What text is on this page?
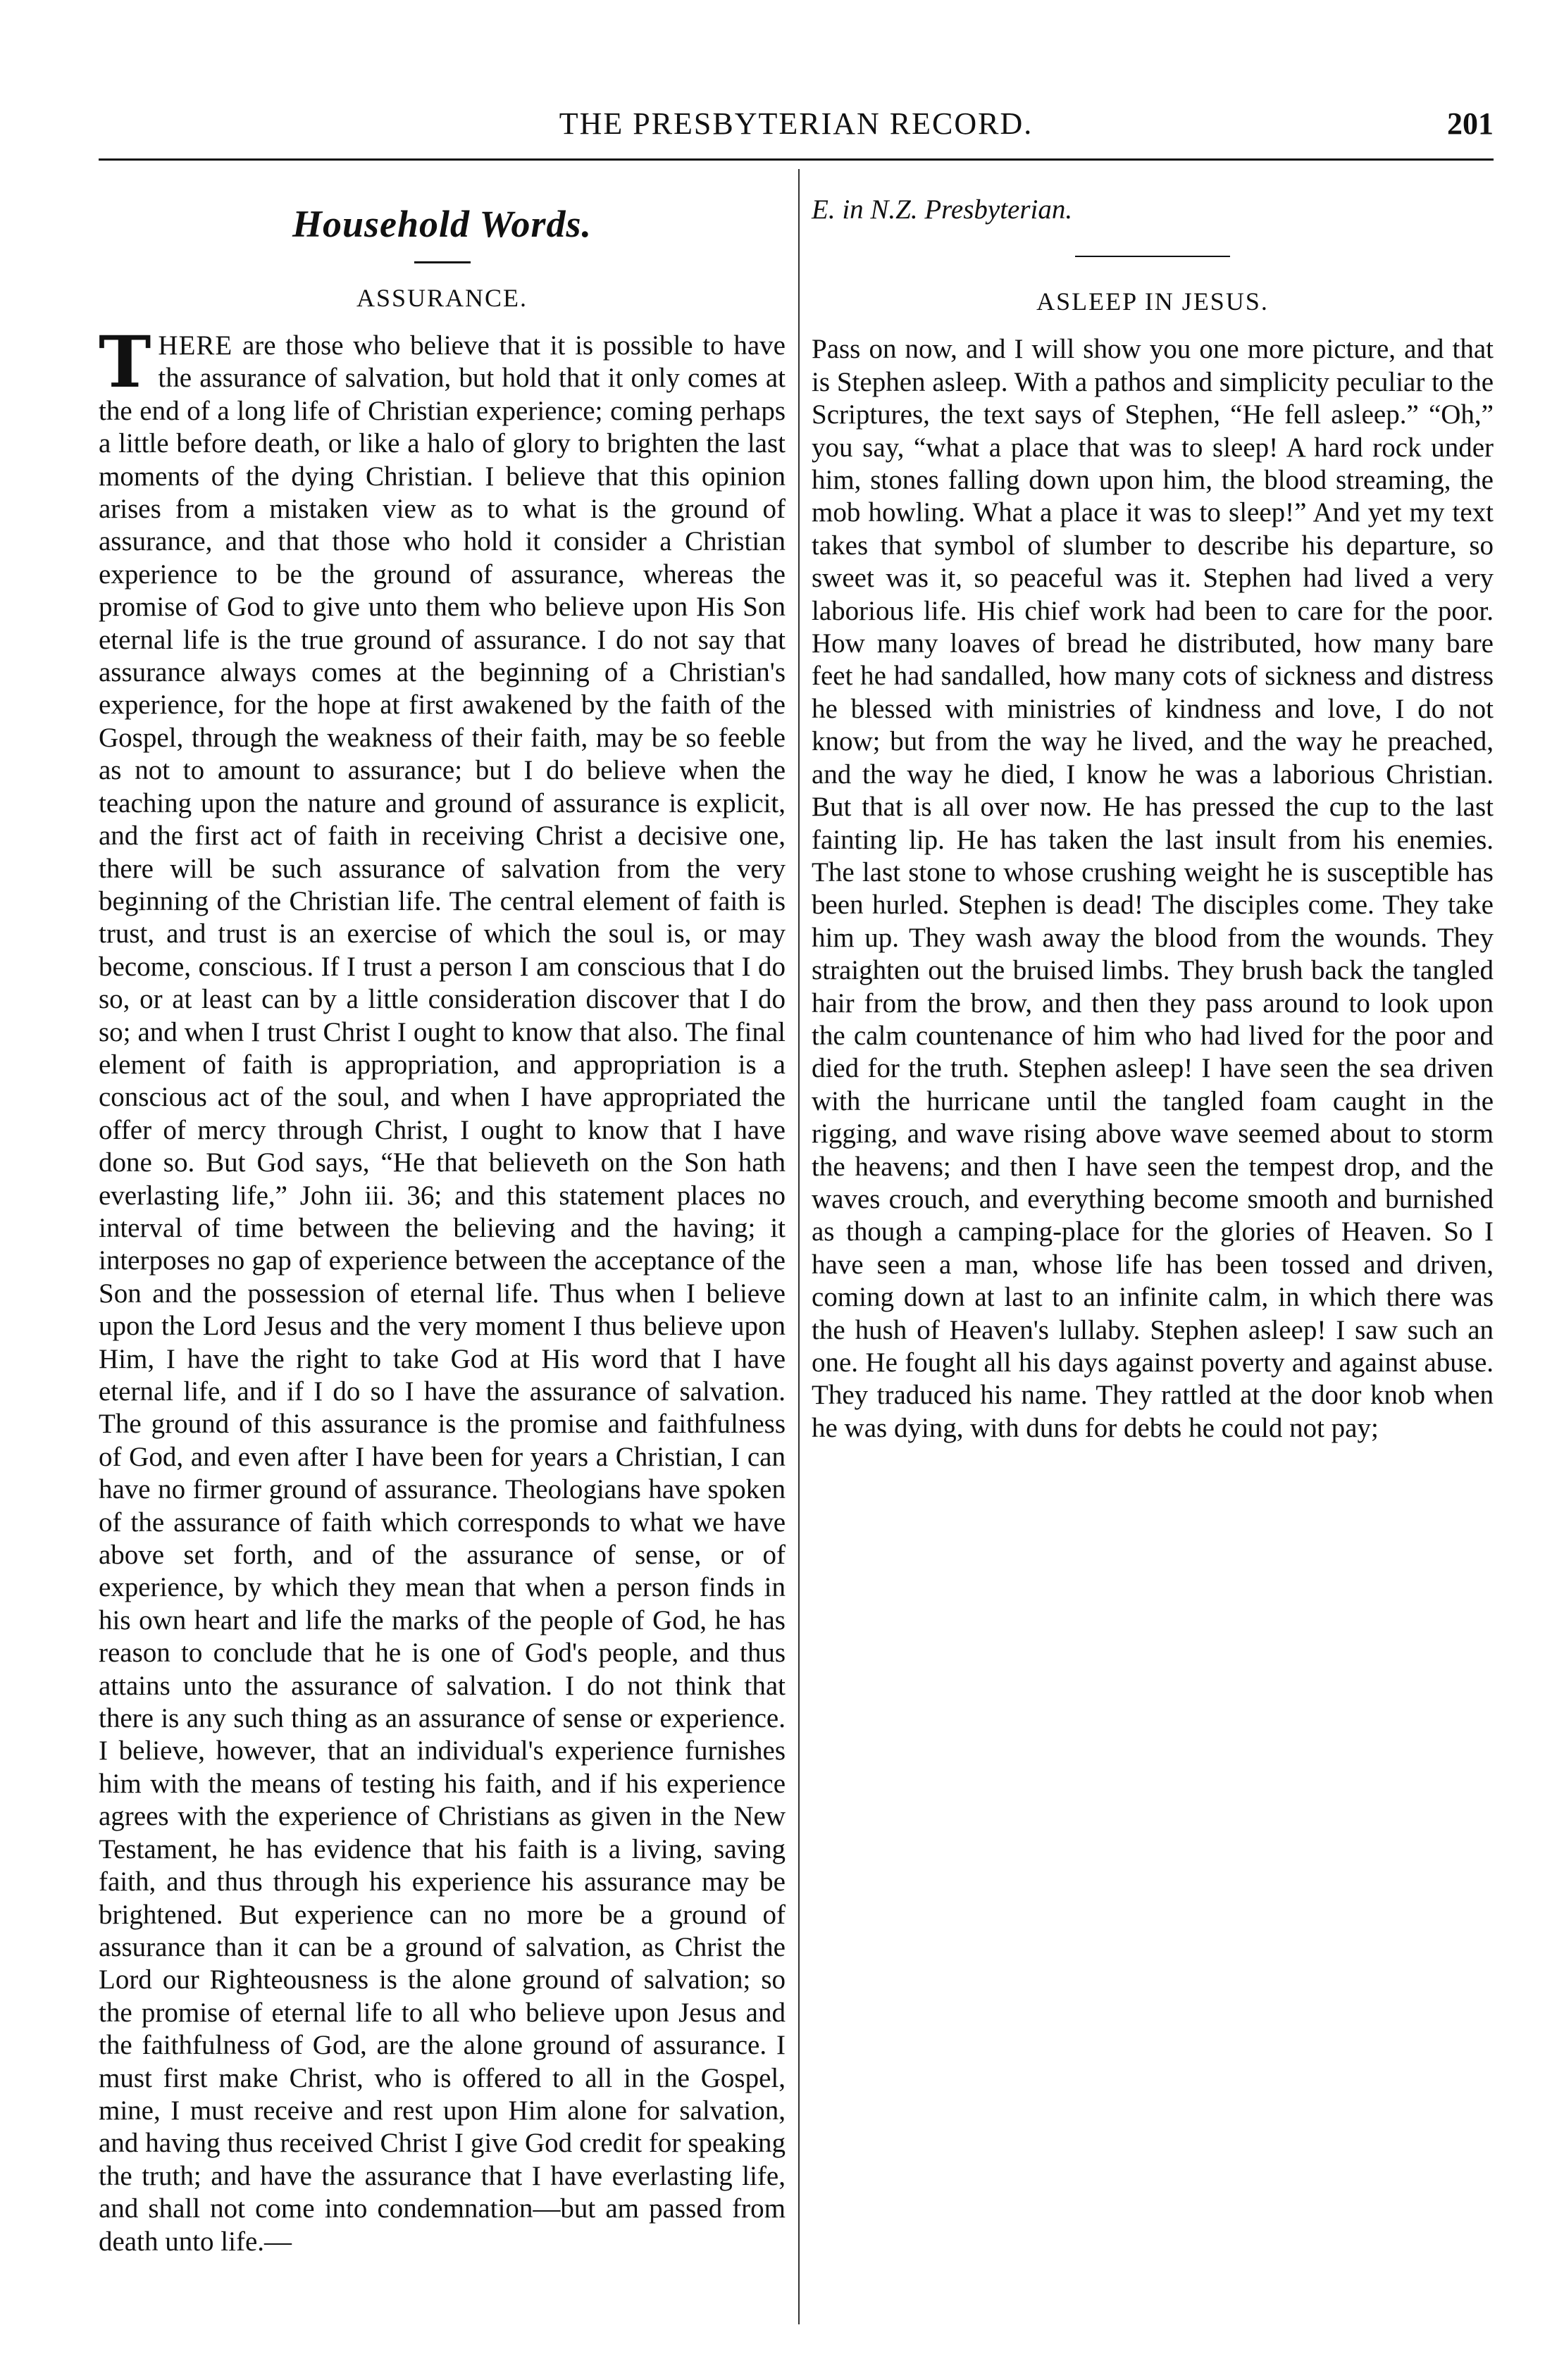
THE PRESBYTERIAN RECORD.	201
Household Words.
ASSURANCE.

THERE are those who believe that it is possible to have the assurance of salvation, but hold that it only comes at the end of a long life of Christian experience; coming perhaps a little before death, or like a halo of glory to brighten the last moments of the dying Christian. I believe that this opinion arises from a mistaken view as to what is the ground of assurance, and that those who hold it consider a Christian experience to be the ground of assurance, whereas the promise of God to give unto them who believe upon His Son eternal life is the true ground of assurance. I do not say that assurance always comes at the beginning of a Christian's experience, for the hope at first awakened by the faith of the Gospel, through the weakness of their faith, may be so feeble as not to amount to assurance; but I do believe when the teaching upon the nature and ground of assurance is explicit, and the first act of faith in receiving Christ a decisive one, there will be such assurance of salvation from the very beginning of the Christian life. The central element of faith is trust, and trust is an exercise of which the soul is, or may become, conscious. If I trust a person I am conscious that I do so, or at least can by a little consideration discover that I do so; and when I trust Christ I ought to know that also. The final element of faith is appropriation, and appropriation is a conscious act of the soul, and when I have appropriated the offer of mercy through Christ, I ought to know that I have done so. But God says, “He that believeth on the Son hath everlasting life,” John iii. 36; and this statement places no interval of time between the believing and the having; it interposes no gap of experience between the acceptance of the Son and the possession of eternal life. Thus when I believe upon the Lord Jesus and the very moment I thus believe upon Him, I have the right to take God at His word that I have eternal life, and if I do so I have the assurance of salvation. The ground of this assurance is the promise and faithfulness of God, and even after I have been for years a Christian, I can have no firmer ground of assurance. Theologians have spoken of the assurance of faith which corresponds to what we have above set forth, and of the assurance of sense, or of experience, by which they mean that when a person finds in his own heart and life the marks of the people of God, he has reason to conclude that he is one of God's people, and thus attains unto the assurance of salvation. I do not think that there is any such thing as an assurance of sense or experience. I believe, however, that an individual's experience furnishes him with the means of testing his faith, and if his experience agrees with the experience of Christians as given in the New Testament, he has evidence that his faith is a living, saving faith, and thus through his experience his assurance may be brightened. But experience can no more be a ground of assurance than it can be a ground of salvation, as Christ the Lord our Righteousness is the alone ground of salvation; so the promise of eternal life to all who believe upon Jesus and the faithfulness of God, are the alone ground of assurance. I must first make Christ, who is offered to all in the Gospel, mine, I must receive and rest upon Him alone for salvation, and having thus received Christ I give God credit for speaking the truth; and have the assurance that I have everlasting life, and shall not come into condemnation—but am passed from death unto life.—

E. in N.Z. Presbyterian.

ASLEEP IN JESUS.

Pass on now, and I will show you one more picture, and that is Stephen asleep. With a pathos and simplicity peculiar to the Scriptures, the text says of Stephen, “He fell asleep.” “Oh,” you say, “what a place that was to sleep! A hard rock under him, stones falling down upon him, the blood streaming, the mob howling. What a place it was to sleep!” And yet my text takes that symbol of slumber to describe his departure, so sweet was it, so peaceful was it. Stephen had lived a very laborious life. His chief work had been to care for the poor. How many loaves of bread he distributed, how many bare feet he had sandalled, how many cots of sickness and distress he blessed with ministries of kindness and love, I do not know; but from the way he lived, and the way he preached, and the way he died, I know he was a laborious Christian. But that is all over now. He has pressed the cup to the last fainting lip. He has taken the last insult from his enemies. The last stone to whose crushing weight he is susceptible has been hurled. Stephen is dead! The disciples come. They take him up. They wash away the blood from the wounds. They straighten out the bruised limbs. They brush back the tangled hair from the brow, and then they pass around to look upon the calm countenance of him who had lived for the poor and died for the truth. Stephen asleep! I have seen the sea driven with the hurricane until the tangled foam caught in the rigging, and wave rising above wave seemed about to storm the heavens; and then I have seen the tempest drop, and the waves crouch, and everything become smooth and burnished as though a camping-place for the glories of Heaven. So I have seen a man, whose life has been tossed and driven, coming down at last to an infinite calm, in which there was the hush of Heaven's lullaby. Stephen asleep! I saw such an one. He fought all his days against poverty and against abuse. They traduced his name. They rattled at the door knob when he was dying, with duns for debts he could not pay;
